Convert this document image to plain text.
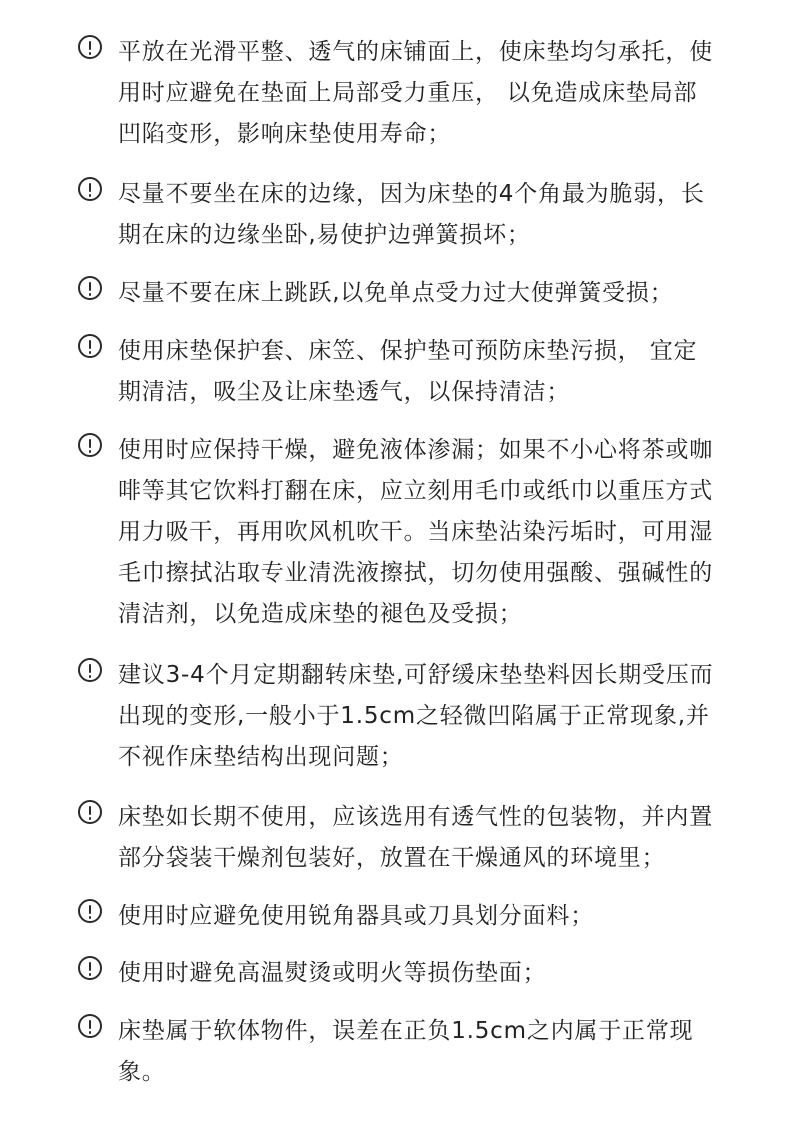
平放在光滑平整、透气的床铺面上，使床垫均匀承托，使用时应避免在垫面上局部受力重压， 以免造成床垫局部凹陷变形，影响床垫使用寿命；
尽量不要坐在床的边缘，因为床垫的4个角最为脆弱，长期在床的边缘坐卧,易使护边弹簧损坏；
尽量不要在床上跳跃,以免单点受力过大使弹簧受损；
使用床垫保护套、床笠、保护垫可预防床垫污损， 宜定期清洁，吸尘及让床垫透气，以保持清洁；
使用时应保持干燥，避免液体渗漏；如果不小心将茶或咖啡等其它饮料打翻在床，应立刻用毛巾或纸巾以重压方式用力吸干，再用吹风机吹干。当床垫沾染污垢时，可用湿毛巾擦拭沾取专业清洗液擦拭，切勿使用强酸、强碱性的清洁剂，以免造成床垫的褪色及受损；
建议3-4个月定期翻转床垫,可舒缓床垫垫料因长期受压而出现的变形,一般小于1.5cm之轻微凹陷属于正常现象,并不视作床垫结构出现问题；
床垫如长期不使用，应该选用有透气性的包装物，并内置部分袋装干燥剂包装好，放置在干燥通风的环境里；
使用时应避免使用锐角器具或刀具划分面料；
使用时避免高温熨烫或明火等损伤垫面；
床垫属于软体物件，误差在正负1.5cm之内属于正常现象。
